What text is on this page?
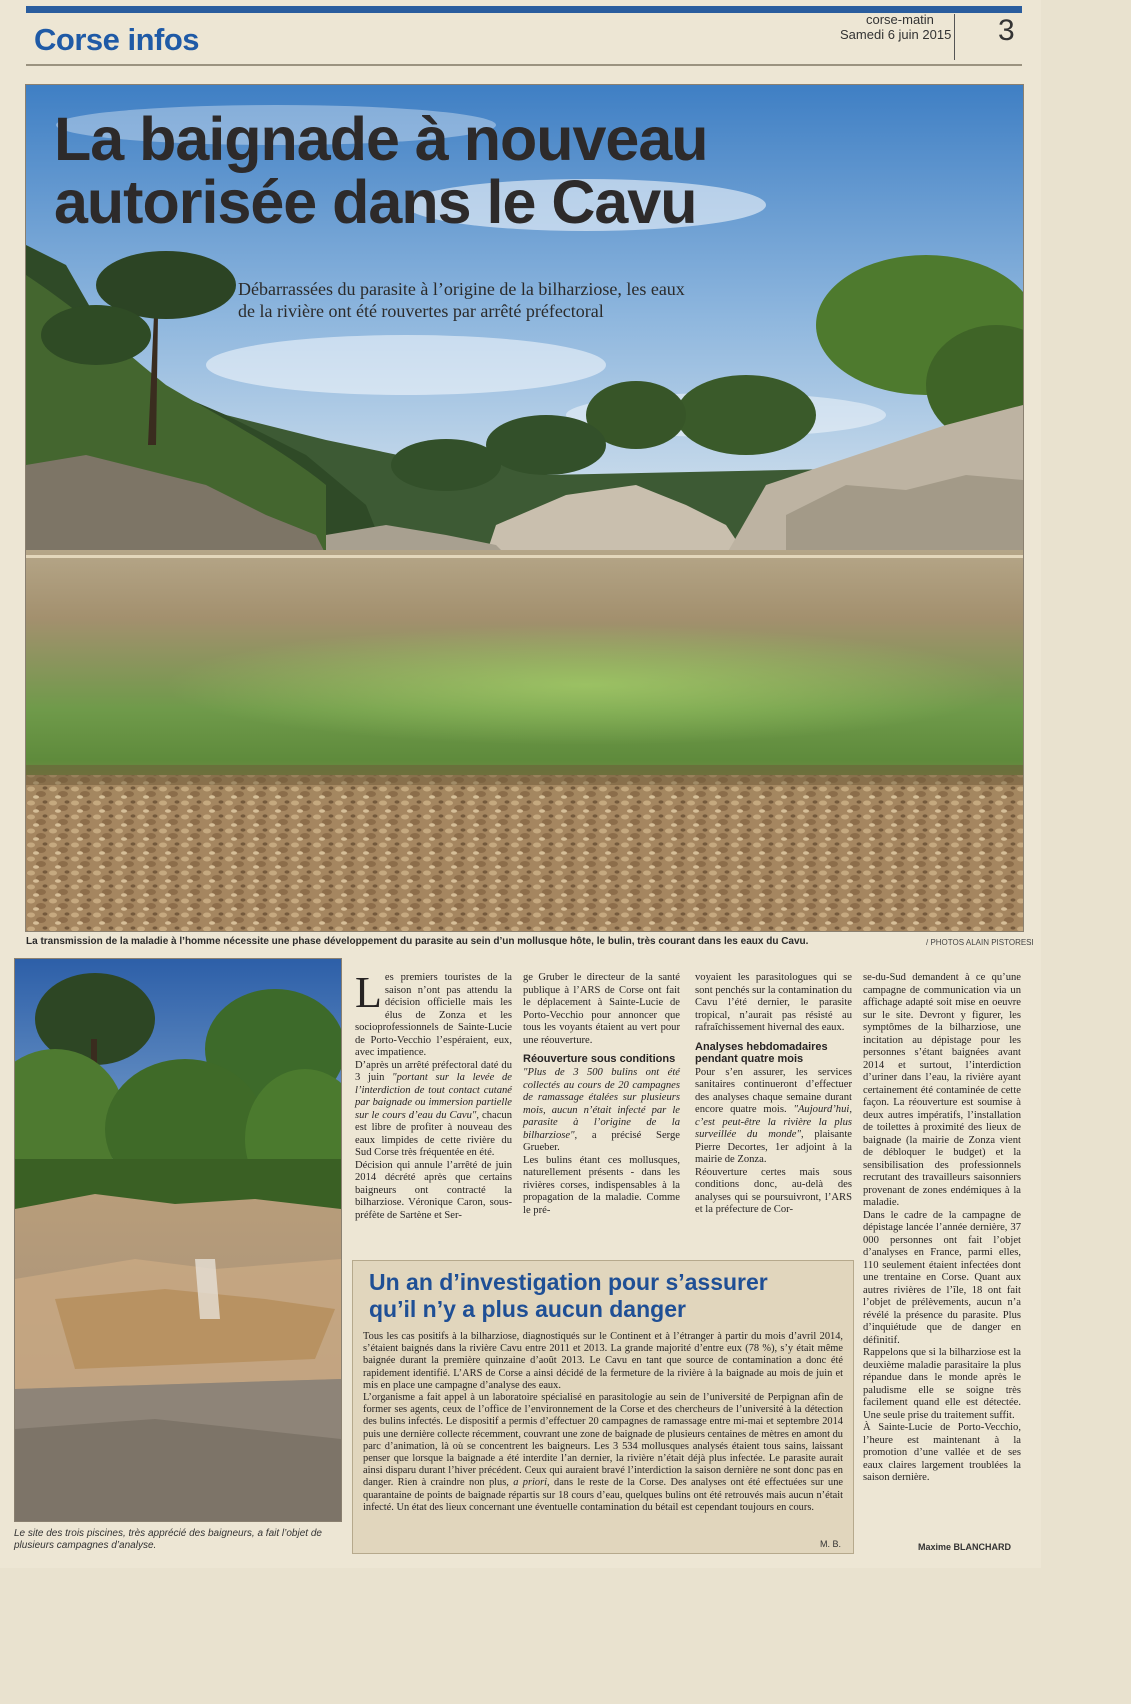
Corse infos
corse-matin
Samedi 6 juin 2015 3
La baignade à nouveau
autorisée dans le Cavu
Débarrassées du parasite à l’origine de la bilharziose, les eaux
de la rivière ont été rouvertes par arrêté préfectoral
La transmission de la maladie à l’homme nécessite une phase développement du parasite au sein d’un mollusque hôte, le bulin, très courant dans les eaux du Cavu.	/ PHOTOS ALAIN PISTORESI
Le site des trois piscines, très apprécié des baigneurs, a fait l’objet de plusieurs campagnes d’analyse.

Les premiers touristes de la saison n’ont pas attendu la décision officielle mais les élus de Zonza et les socioprofessionnels de Sainte-Lucie de Porto-Vecchio l’espéraient, eux, avec impatience.

D’après un arrêté préfectoral daté du 3 juin "portant sur la levée de l’interdiction de tout contact cutané par baignade ou immersion partielle sur le cours d’eau du Cavu", chacun est libre de profiter à nouveau des eaux limpides de cette rivière du Sud Corse très fréquentée en été.

Décision qui annule l’arrêté de juin 2014 décrété après que certains baigneurs ont contracté la bilharziose. Véronique Caron, sous-préfète de Sartène et Ser-

ge Gruber le directeur de la santé publique à l’ARS de Corse ont fait le déplacement à Sainte-Lucie de Porto-Vecchio pour annoncer que tous les voyants étaient au vert pour une réouverture.

Réouverture sous conditions

"Plus de 3 500 bulins ont été collectés au cours de 20 campagnes de ramassage étalées sur plusieurs mois, aucun n’était infecté par le parasite à l’origine de la bilharziose", a précisé Serge Grueber.

Les bulins étant ces mollusques, naturellement présents - dans les rivières corses, indispensables à la propagation de la maladie. Comme le pré-

voyaient les parasitologues qui se sont penchés sur la contamination du Cavu l’été dernier, le parasite tropical, n’aurait pas résisté au rafraîchissement hivernal des eaux.

Analyses hebdomadaires pendant quatre mois

Pour s’en assurer, les services sanitaires continueront d’effectuer des analyses chaque semaine durant encore quatre mois. "Aujourd’hui, c’est peut-être la rivière la plus surveillée du monde", plaisante Pierre Decortes, 1er adjoint à la mairie de Zonza.

Réouverture certes mais sous conditions donc, au-delà des analyses qui se poursuivront, l’ARS et la préfecture de Cor-

se-du-Sud demandent à ce qu’une campagne de communication via un affichage adapté soit mise en oeuvre sur le site. Devront y figurer, les symptômes de la bilharziose, une incitation au dépistage pour les personnes s’étant baignées avant 2014 et surtout, l’interdiction d’uriner dans l’eau, la rivière ayant certainement été contaminée de cette façon. La réouverture est soumise à deux autres impératifs, l’installation de toilettes à proximité des lieux de baignade (la mairie de Zonza vient de débloquer le budget) et la sensibilisation des professionnels recrutant des travailleurs saisonniers provenant de zones endémiques à la maladie.

Dans le cadre de la campagne de dépistage lancée l’année dernière, 37 000 personnes ont fait l’objet d’analyses en France, parmi elles, 110 seulement étaient infectées dont une trentaine en Corse. Quant aux autres rivières de l’île, 18 ont fait l’objet de prélèvements, aucun n’a révélé la présence du parasite. Plus d’inquiétude que de danger en définitif.

Rappelons que si la bilharziose est la deuxième maladie parasitaire la plus répandue dans le monde après le paludisme elle se soigne très facilement quand elle est détectée. Une seule prise du traitement suffit.

À Sainte-Lucie de Porto-Vecchio, l’heure est maintenant à la promotion d’une vallée et de ses eaux claires largement troublées la saison dernière.

Un an d’investigation pour s’assurer
qu’il n’y a plus aucun danger

Tous les cas positifs à la bilharziose, diagnostiqués sur le Continent et à l’étranger à partir du mois d’avril 2014, s’étaient baignés dans la rivière Cavu entre 2011 et 2013. La grande majorité d’entre eux (78 %), s’y était même baignée durant la première quinzaine d’août 2013. Le Cavu en tant que source de contamination a donc été rapidement identifié. L’ARS de Corse a ainsi décidé de la fermeture de la rivière à la baignade au mois de juin et mis en place une campagne d’analyse des eaux.

L’organisme a fait appel à un laboratoire spécialisé en parasitologie au sein de l’université de Perpignan afin de former ses agents, ceux de l’office de l’environnement de la Corse et des chercheurs de l’université à la détection des bulins infectés. Le dispositif a permis d’effectuer 20 campagnes de ramassage entre mi-mai et septembre 2014 puis une dernière collecte récemment, couvrant une zone de baignade de plusieurs centaines de mètres en amont du parc d’animation, là où se concentrent les baigneurs. Les 3 534 mollusques analysés étaient tous sains, laissant penser que lorsque la baignade a été interdite l’an dernier, la rivière n’était déjà plus infectée. Le parasite aurait ainsi disparu durant l’hiver précédent. Ceux qui auraient bravé l’interdiction la saison dernière ne sont donc pas en danger. Rien à craindre non plus, a priori, dans le reste de la Corse. Des analyses ont été effectuées sur une quarantaine de points de baignade répartis sur 18 cours d’eau, quelques bulins ont été retrouvés mais aucun n’était infecté. Un état des lieux concernant une éventuelle contamination du bétail est cependant toujours en cours.

M. B.	Maxime BLANCHARD
